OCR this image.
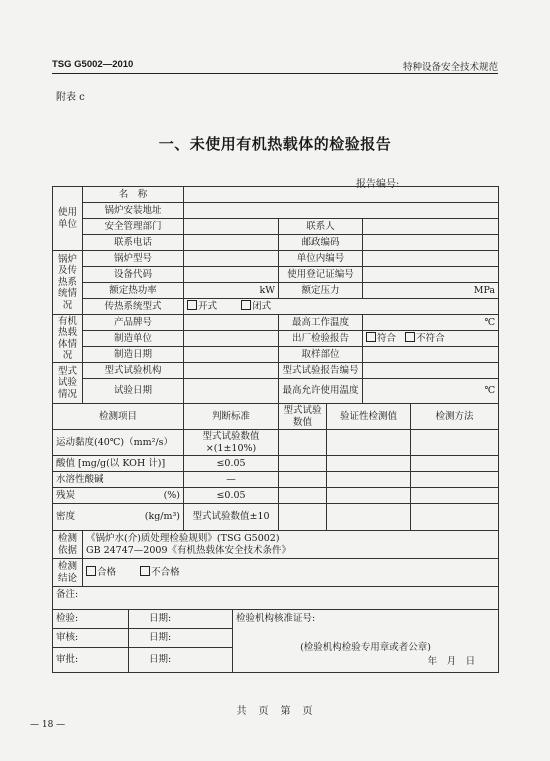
TSG G5002—2010	特种设备安全技术规范
附表 c
一、未使用有机热载体的检验报告
报告编号:
使用单位	名　称							
	锅炉安装地址							
	安全管理部门				联系人			
	联系电话				邮政编码			
锅炉及传热系统情况	锅炉型号				单位内编号			
	设备代码				使用登记证编号			
	额定热功率		kW		额定压力		MPa	
	传热系统型式		开式 闭式					
有机热载体情况	产品牌号				最高工作温度		℃	
	制造单位				出厂检验报告		符合 不符合	
	制造日期				取样部位			
型式试验情况	型式试验机构				型式试验报告编号			
	试验日期				最高允许使用温度		℃	
检测项目			判断标准		型式试验数值	验证性检测值		检测方法
运动黏度(40℃)（mm²/s）			型式试验数值×(1±10%)					
酸值 [mg/g(以 KOH 计)]			≤0.05					
水溶性酸碱			—					
残炭 (%)			≤0.05					
密度 (kg/m³)			型式试验数值±10					
检测依据	《锅炉水(介)质处理检验规则》(TSG G5002)
GB 24747—2009《有机热载体安全技术条件》							

检测结论	合格 不合格							
备注:								
检验:		日期:		检验机构核准证号:				
审核:		日期:		(检验机构检验专用章或者公章)
年　月　日				

审批:		日期:						
共　页　第　页
— 18 —
